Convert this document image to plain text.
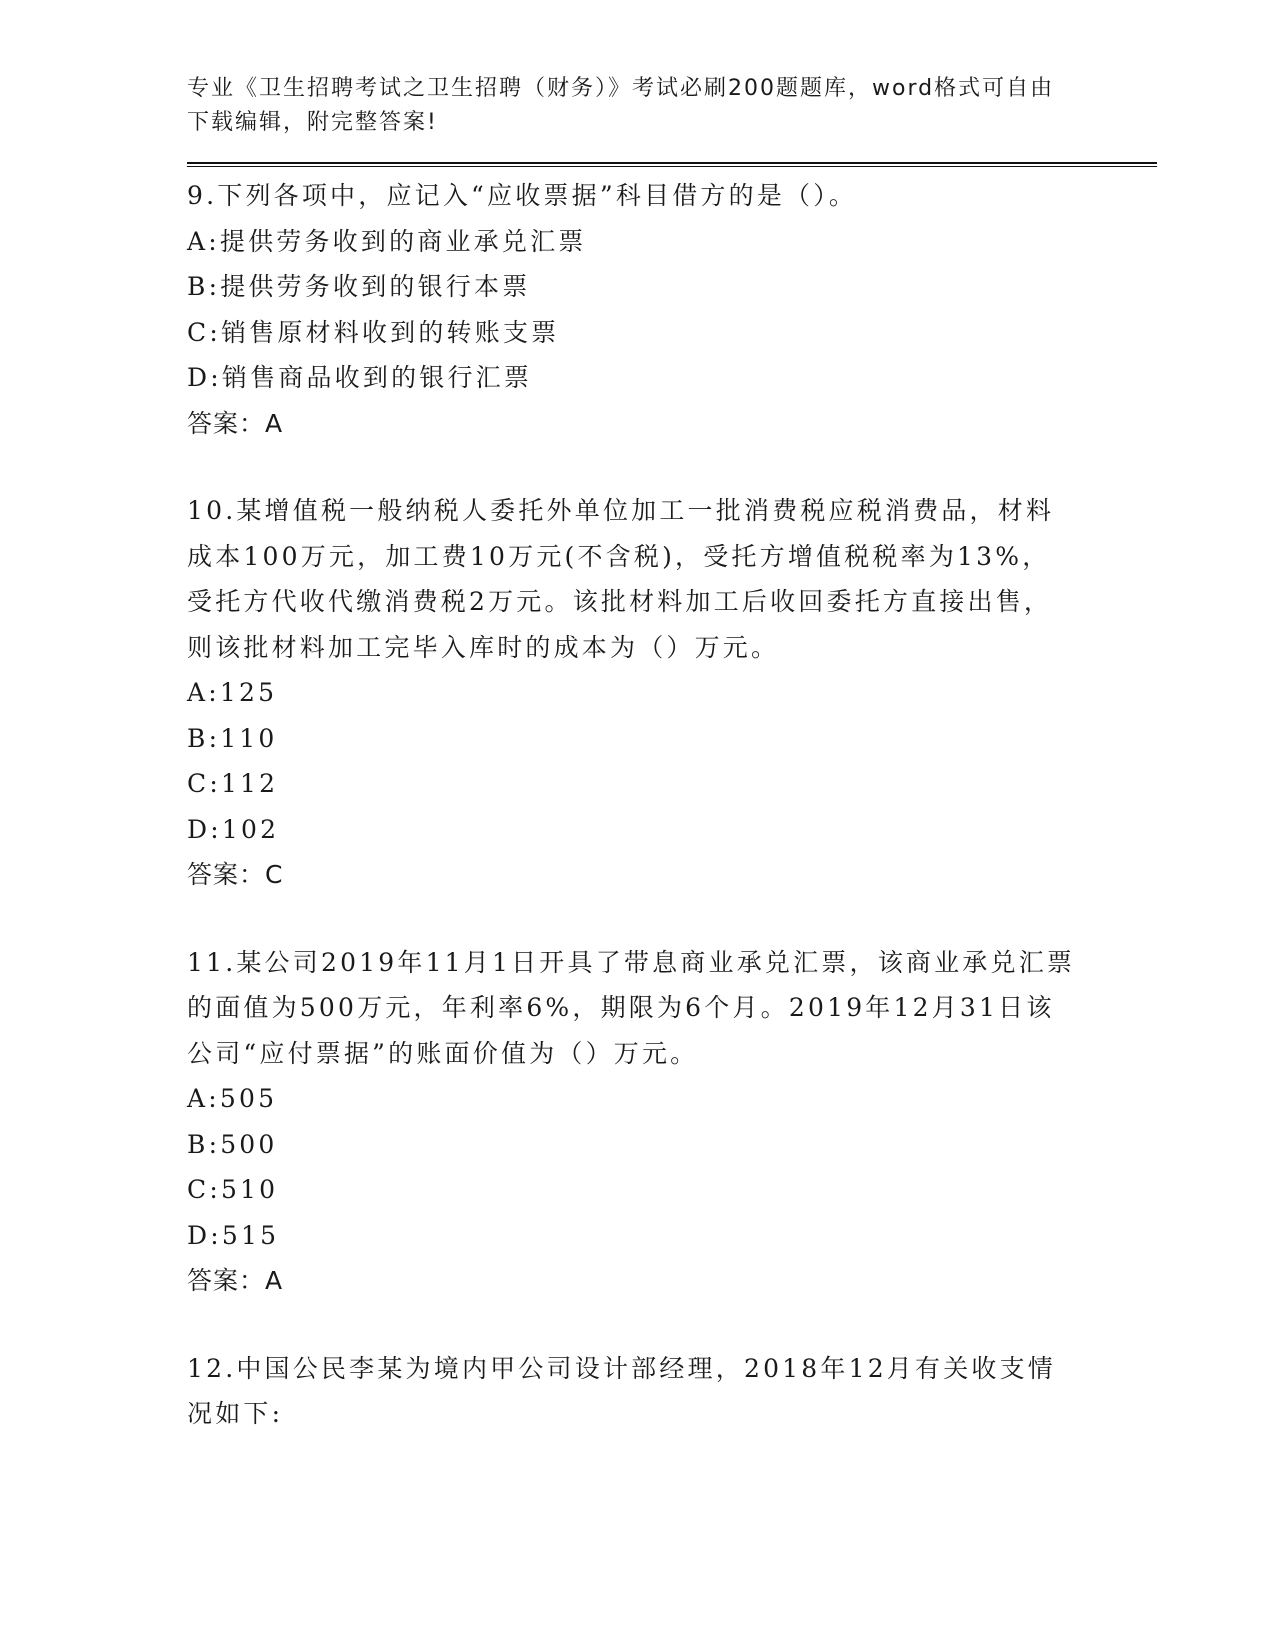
专业《卫生招聘考试之卫生招聘（财务）》考试必刷200题题库，word格式可自由下载编辑，附完整答案!

9.下列各项中，应记入“应收票据”科目借方的是（）。

A:提供劳务收到的商业承兑汇票

B:提供劳务收到的银行本票

C:销售原材料收到的转账支票

D:销售商品收到的银行汇票

答案：A

10.某增值税一般纳税人委托外单位加工一批消费税应税消费品，材料成本100万元，加工费10万元(不含税)，受托方增值税税率为13%，受托方代收代缴消费税2万元。该批材料加工后收回委托方直接出售，则该批材料加工完毕入库时的成本为（）万元。

A:125

B:110

C:112

D:102

答案：C

11.某公司2019年11月1日开具了带息商业承兑汇票，该商业承兑汇票的面值为500万元，年利率6%，期限为6个月。2019年12月31日该公司“应付票据”的账面价值为（）万元。

A:505

B:500

C:510

D:515

答案：A

12.中国公民李某为境内甲公司设计部经理，2018年12月有关收支情况如下:
